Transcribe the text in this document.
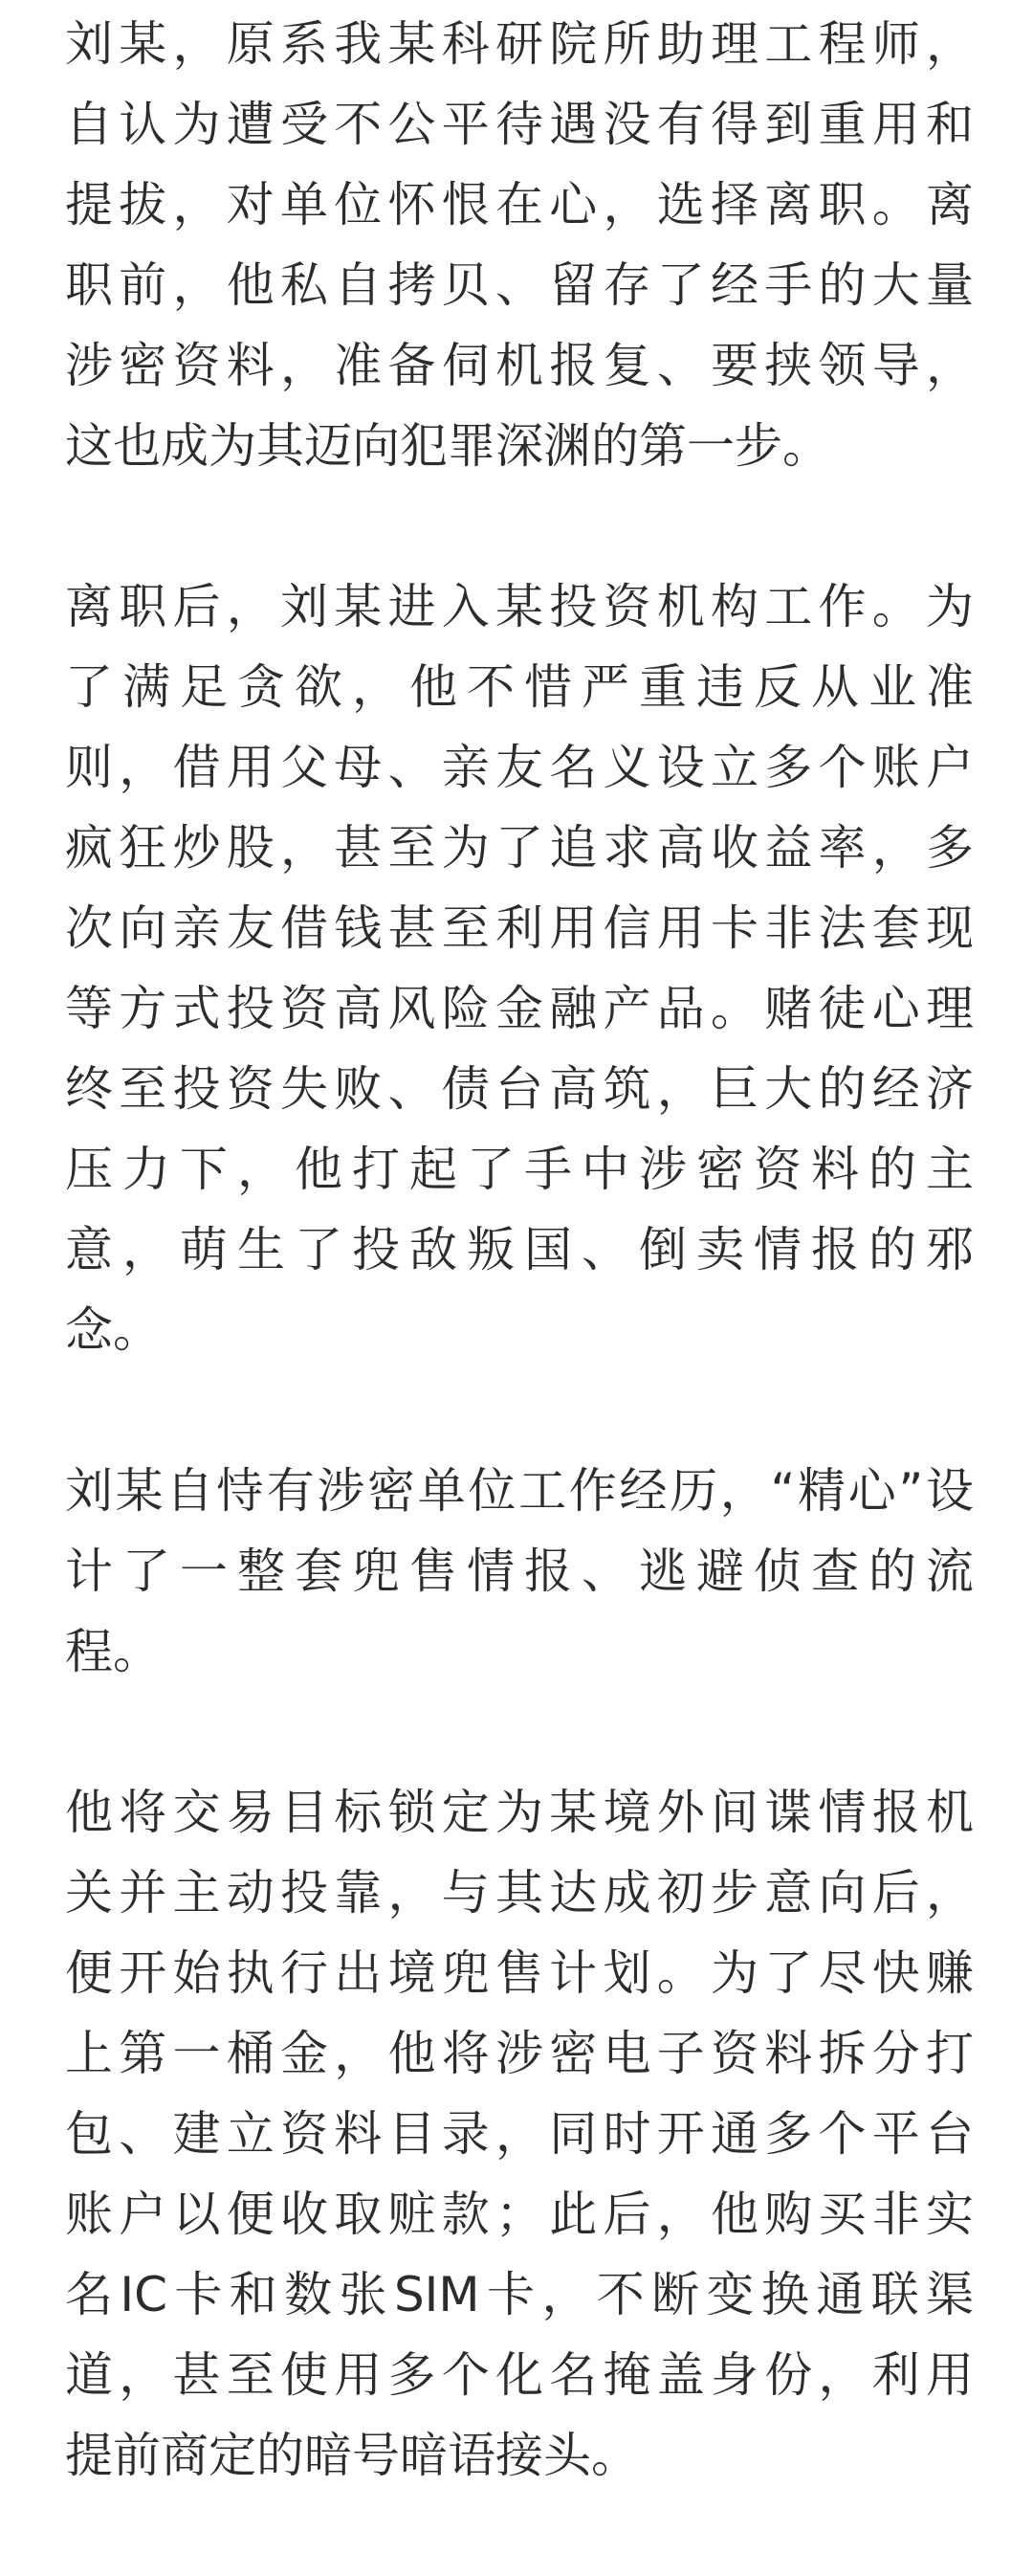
刘某，原系我某科研院所助理工程师，
自认为遭受不公平待遇没有得到重用和
提拔，对单位怀恨在心，选择离职。离
职前，他私自拷贝、留存了经手的大量
涉密资料，准备伺机报复、要挟领导，
这也成为其迈向犯罪深渊的第一步。
离职后，刘某进入某投资机构工作。为
了满足贪欲，他不惜严重违反从业准
则，借用父母、亲友名义设立多个账户
疯狂炒股，甚至为了追求高收益率，多
次向亲友借钱甚至利用信用卡非法套现
等方式投资高风险金融产品。赌徒心理
终至投资失败、债台高筑，巨大的经济
压力下，他打起了手中涉密资料的主
意，萌生了投敌叛国、倒卖情报的邪
念。
刘某自恃有涉密单位工作经历，“精心”设
计了一整套兜售情报、逃避侦查的流
程。
他将交易目标锁定为某境外间谍情报机
关并主动投靠，与其达成初步意向后，
便开始执行出境兜售计划。为了尽快赚
上第一桶金，他将涉密电子资料拆分打
包、建立资料目录，同时开通多个平台
账户以便收取赃款；此后，他购买非实
名IC卡和数张SIM卡，不断变换通联渠
道，甚至使用多个化名掩盖身份，利用
提前商定的暗号暗语接头。
